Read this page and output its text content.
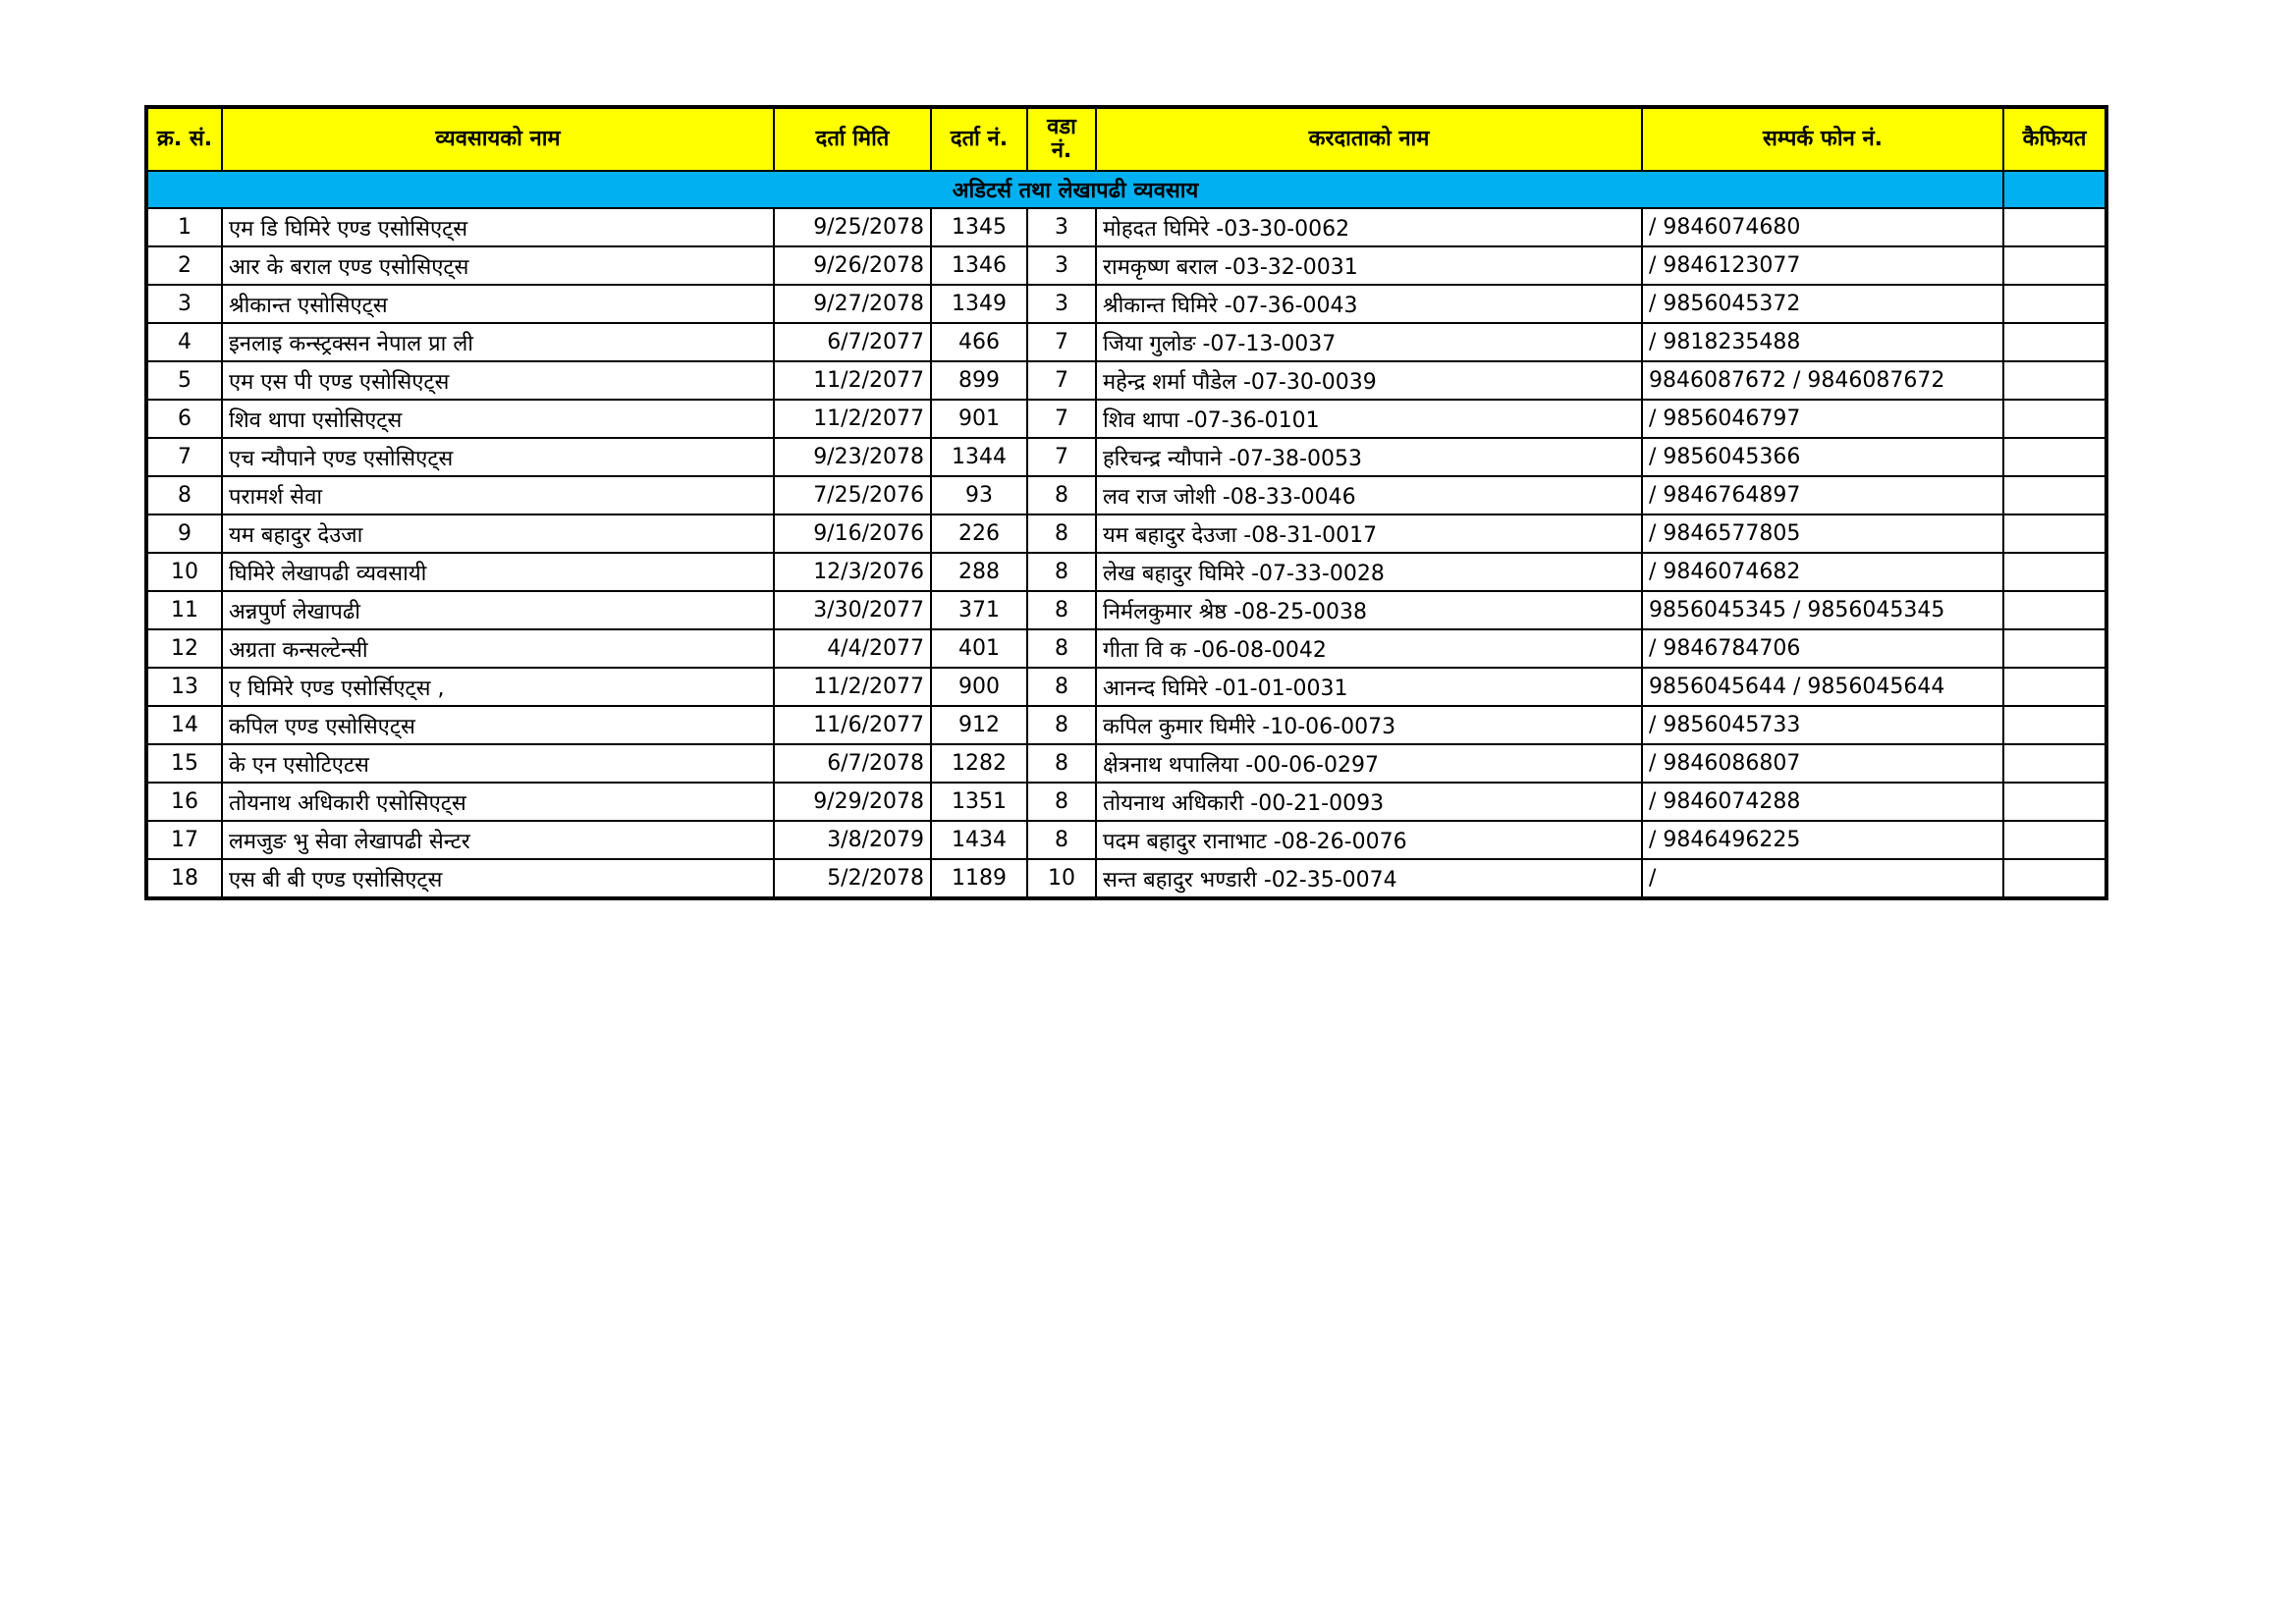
क्र. सं.	व्यवसायको नाम	दर्ता मिति	दर्ता नं.	वडा नं.	करदाताको नाम	सम्पर्क फोन नं.	कैफियत
अडिटर्स तथा लेखापढी व्यवसाय							
1	एम डि घिमिरे एण्ड एसोसिएट्स	9/25/2078	1345	3	मोहदत घिमिरे -03-30-0062	/ 9846074680	
2	आर के बराल एण्ड एसोसिएट्स	9/26/2078	1346	3	रामकृष्ण बराल -03-32-0031	/ 9846123077	
3	श्रीकान्त एसोसिएट्स	9/27/2078	1349	3	श्रीकान्त घिमिरे -07-36-0043	/ 9856045372	
4	इनलाइ कन्स्ट्रक्सन नेपाल प्रा ली	6/7/2077	466	7	जिया गुलोङ -07-13-0037	/ 9818235488	
5	एम एस पी एण्ड एसोसिएट्स	11/2/2077	899	7	महेन्द्र शर्मा पौडेल -07-30-0039	9846087672 / 9846087672	
6	शिव थापा एसोसिएट्स	11/2/2077	901	7	शिव थापा -07-36-0101	/ 9856046797	
7	एच न्यौपाने एण्ड एसोसिएट्स	9/23/2078	1344	7	हरिचन्द्र न्यौपाने -07-38-0053	/ 9856045366	
8	परामर्श सेवा	7/25/2076	93	8	लव राज जोशी -08-33-0046	/ 9846764897	
9	यम बहादुर देउजा	9/16/2076	226	8	यम बहादुर देउजा -08-31-0017	/ 9846577805	
10	घिमिरे लेखापढी व्यवसायी	12/3/2076	288	8	लेख बहादुर घिमिरे -07-33-0028	/ 9846074682	
11	अन्नपुर्ण लेखापढी	3/30/2077	371	8	निर्मलकुमार श्रेष्ठ -08-25-0038	9856045345 / 9856045345	
12	अग्रता कन्सल्टेन्सी	4/4/2077	401	8	गीता वि क -06-08-0042	/ 9846784706	
13	ए घिमिरे एण्ड एसोर्सिएट्स ,	11/2/2077	900	8	आनन्द घिमिरे -01-01-0031	9856045644 / 9856045644	
14	कपिल एण्ड एसोसिएट्स	11/6/2077	912	8	कपिल कुमार घिमीरे -10-06-0073	/ 9856045733	
15	के एन एसोटिएटस	6/7/2078	1282	8	क्षेत्रनाथ थपालिया -00-06-0297	/ 9846086807	
16	तोयनाथ अधिकारी एसोसिएट्स	9/29/2078	1351	8	तोयनाथ अधिकारी -00-21-0093	/ 9846074288	
17	लमजुङ भु सेवा लेखापढी सेन्टर	3/8/2079	1434	8	पदम बहादुर रानाभाट -08-26-0076	/ 9846496225	
18	एस बी बी एण्ड एसोसिएट्स	5/2/2078	1189	10	सन्त बहादुर भण्डारी -02-35-0074	/	
